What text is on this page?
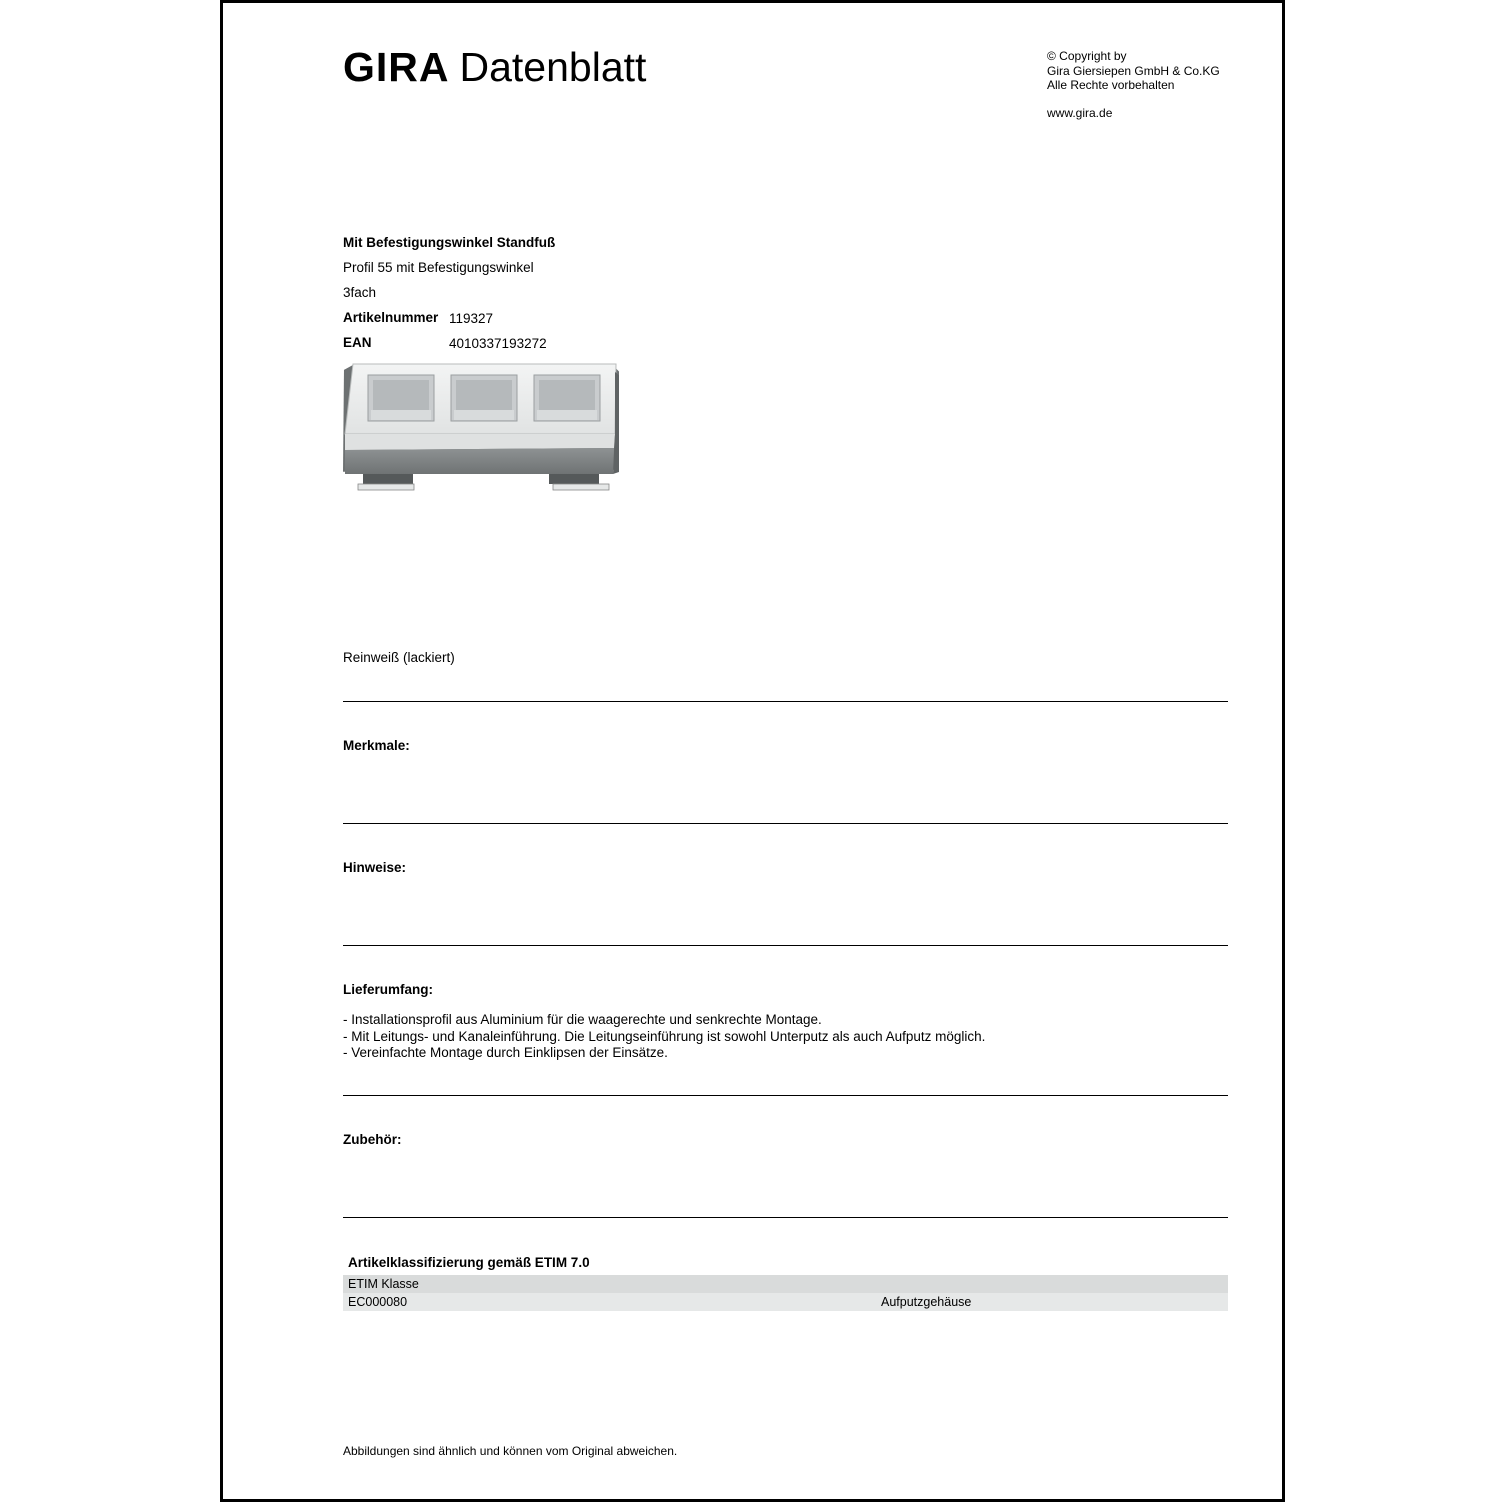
GIRA Datenblatt	© Copyright by
Gira Giersiepen GmbH & Co.KG
Alle Rechte vorbehalten
www.gira.de
Mit Befestigungswinkel Standfuß
Profil 55 mit Befestigungswinkel
3fach
Artikelnummer 119327
EAN	4010337193272
Reinweiß (lackiert)
Merkmale:
Hinweise:
Lieferumfang:
- Installationsprofil aus Aluminium für die waagerechte und senkrechte Montage.
- Mit Leitungs- und Kanaleinführung. Die Leitungseinführung ist sowohl Unterputz als auch Aufputz möglich.
- Vereinfachte Montage durch Einklipsen der Einsätze.
Zubehör:
Artikelklassifizierung gemäß ETIM 7.0
ETIM Klasse
EC000080	Aufputzgehäuse
Abbildungen sind ähnlich und können vom Original abweichen.
